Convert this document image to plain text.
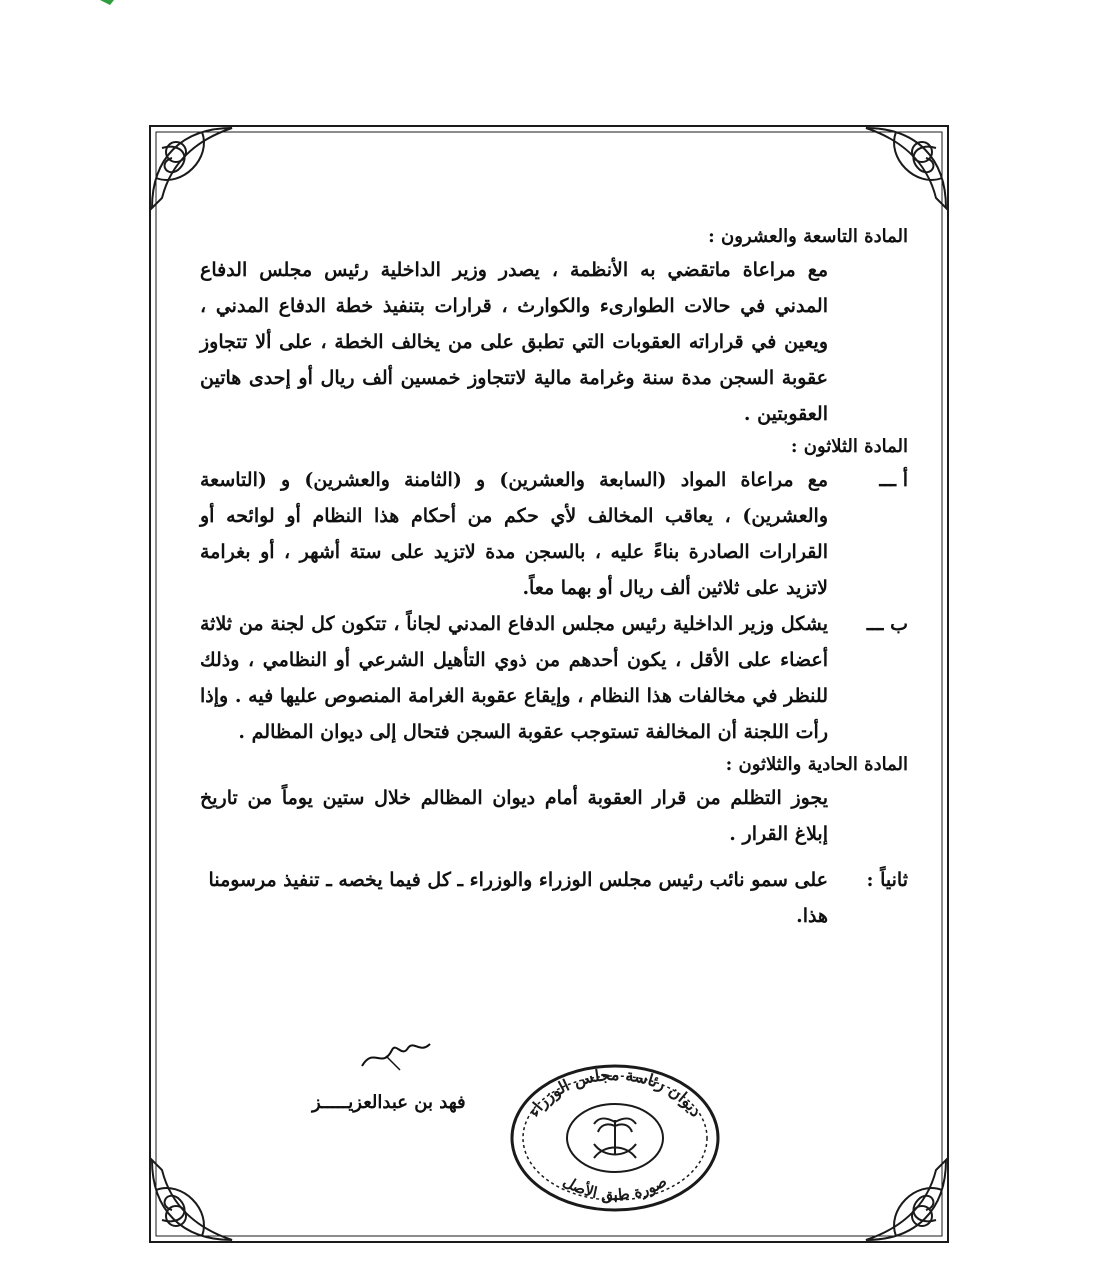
المادة التاسعة والعشرون :
مع مراعاة ماتقضي به الأنظمة ، يصدر وزير الداخلية رئيس مجلس الدفاع المدني في حالات الطوارىء والكوارث ، قرارات بتنفيذ خطة الدفاع المدني ، ويعين في قراراته العقوبات التي تطبق على من يخالف الخطة ، على ألا تتجاوز عقوبة السجن مدة سنة وغرامة مالية لاتتجاوز خمسين ألف ريال أو إحدى هاتين العقوبتين .
المادة الثلاثون :
أ ـــ
مع مراعاة المواد (السابعة والعشرين) و (الثامنة والعشرين) و (التاسعة والعشرين) ، يعاقب المخالف لأي حكم من أحكام هذا النظام أو لوائحه أو القرارات الصادرة بناءً عليه ، بالسجن مدة لاتزيد على ستة أشهر ، أو بغرامة لاتزيد على ثلاثين ألف ريال أو بهما معاً.
ب ـــ
يشكل وزير الداخلية رئيس مجلس الدفاع المدني لجاناً ، تتكون كل لجنة من ثلاثة أعضاء على الأقل ، يكون أحدهم من ذوي التأهيل الشرعي أو النظامي ، وذلك للنظر في مخالفات هذا النظام ، وإيقاع عقوبة الغرامة المنصوص عليها فيه . وإذا رأت اللجنة أن المخالفة تستوجب عقوبة السجن فتحال إلى ديوان المظالم .
المادة الحادية والثلاثون :
يجوز التظلم من قرار العقوبة أمام ديوان المظالم خلال ستين يوماً من تاريخ إبلاغ القرار .
ثانياً :
على سمو نائب رئيس مجلس الوزراء والوزراء ـ كل فيما يخصه ـ تنفيذ مرسومنا هذا.
فهد بن عبدالعزيـــــز	ديوان رئاسة مجلس الوزراء
صورة طبق الأصل
